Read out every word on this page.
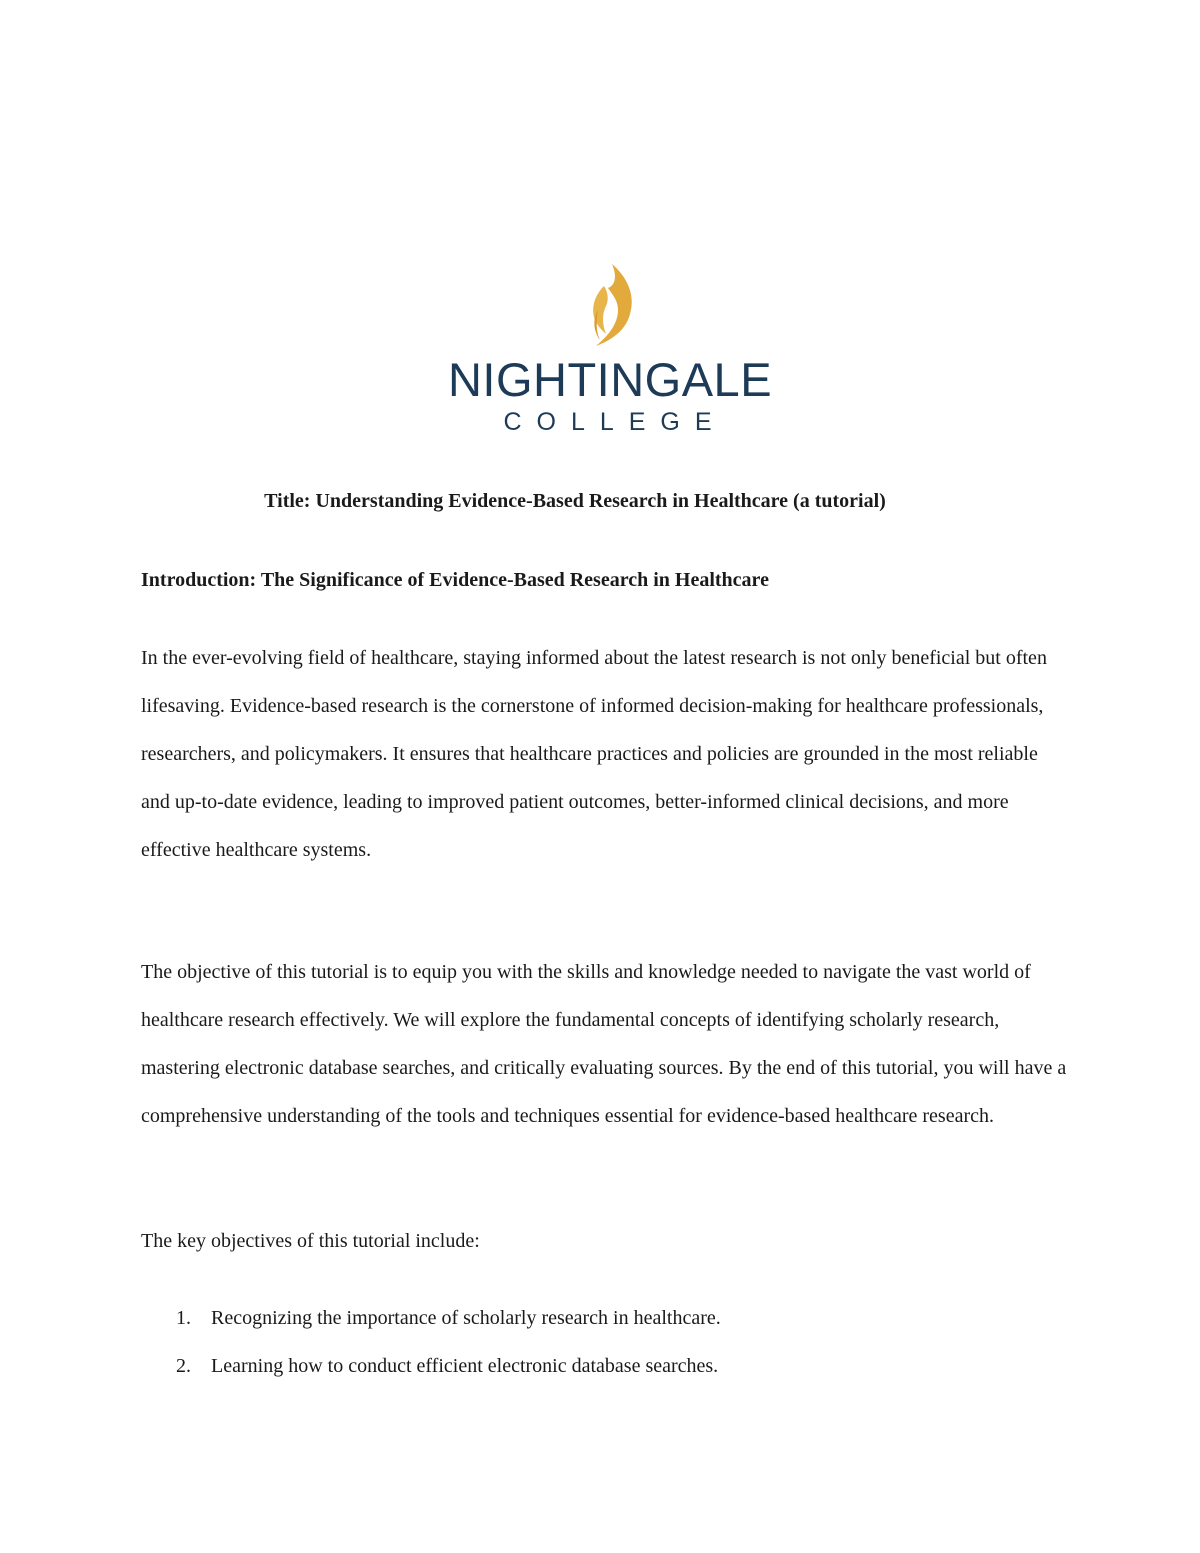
NIGHTINGALE
COLLEGE
Title: Understanding Evidence-Based Research in Healthcare (a tutorial)
Introduction: The Significance of Evidence-Based Research in Healthcare

In the ever-evolving field of healthcare, staying informed about the latest research is not only beneficial but often lifesaving. Evidence-based research is the cornerstone of informed decision-making for healthcare professionals, researchers, and policymakers. It ensures that healthcare practices and policies are grounded in the most reliable and up-to-date evidence, leading to improved patient outcomes, better-informed clinical decisions, and more effective healthcare systems.

The objective of this tutorial is to equip you with the skills and knowledge needed to navigate the vast world of healthcare research effectively. We will explore the fundamental concepts of identifying scholarly research, mastering electronic database searches, and critically evaluating sources. By the end of this tutorial, you will have a comprehensive understanding of the tools and techniques essential for evidence-based healthcare research.

The key objectives of this tutorial include:

1. Recognizing the importance of scholarly research in healthcare.
2. Learning how to conduct efficient electronic database searches.
